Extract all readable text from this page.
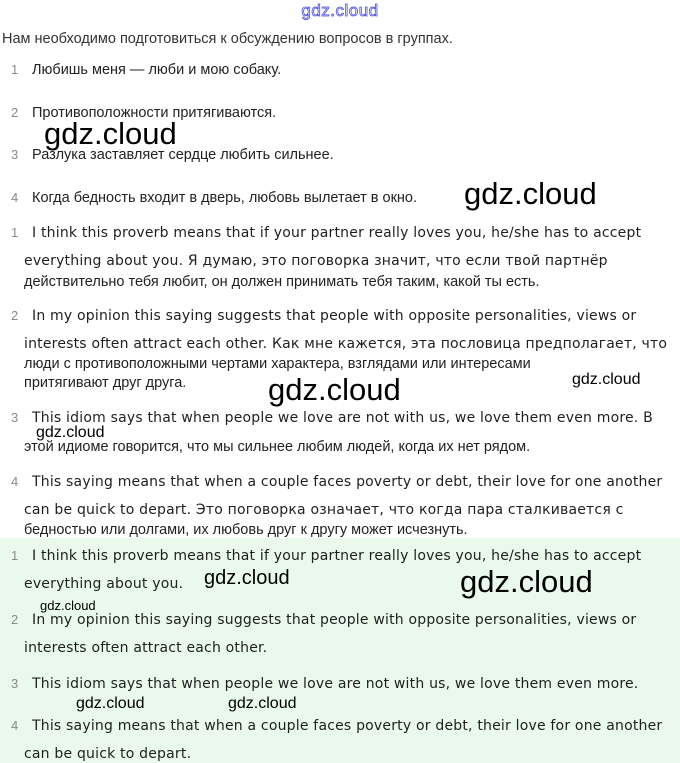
gdz.cloud
Нам необходимо подготовиться к обсуждению вопросов в группах.
1 Любишь меня — люби и мою собаку.
2 Противоположности притягиваются.
3 Разлука заставляет сердце любить сильнее.
4 Когда бедность входит в дверь, любовь вылетает в окно.
1 I think this proverb means that if your partner really loves you, he/she has to accept
everything about you. Я думаю, это поговорка значит, что если твой партнёр
действительно тебя любит, он должен принимать тебя таким, какой ты есть.
2 In my opinion this saying suggests that people with opposite personalities, views or
interests often attract each other. Как мне кажется, эта пословица предполагает, что
люди с противоположными чертами характера, взглядами или интересами
притягивают друг друга.
3 This idiom says that when people we love are not with us, we love them even more. В
этой идиоме говорится, что мы сильнее любим людей, когда их нет рядом.
4 This saying means that when a couple faces poverty or debt, their love for one another
can be quick to depart. Это поговорка означает, что когда пара сталкивается с
бедностью или долгами, их любовь друг к другу может исчезнуть.
1 I think this proverb means that if your partner really loves you, he/she has to accept
everything about you.
2 In my opinion this saying suggests that people with opposite personalities, views or
interests often attract each other.
3 This idiom says that when people we love are not with us, we love them even more.
4 This saying means that when a couple faces poverty or debt, their love for one another
can be quick to depart.
gdz.cloud
gdz.cloud
gdz.cloud	gdz.cloud
gdz.cloud
gdz.cloud	gdz.cloud
gdz.cloud
gdz.cloud	gdz.cloud
